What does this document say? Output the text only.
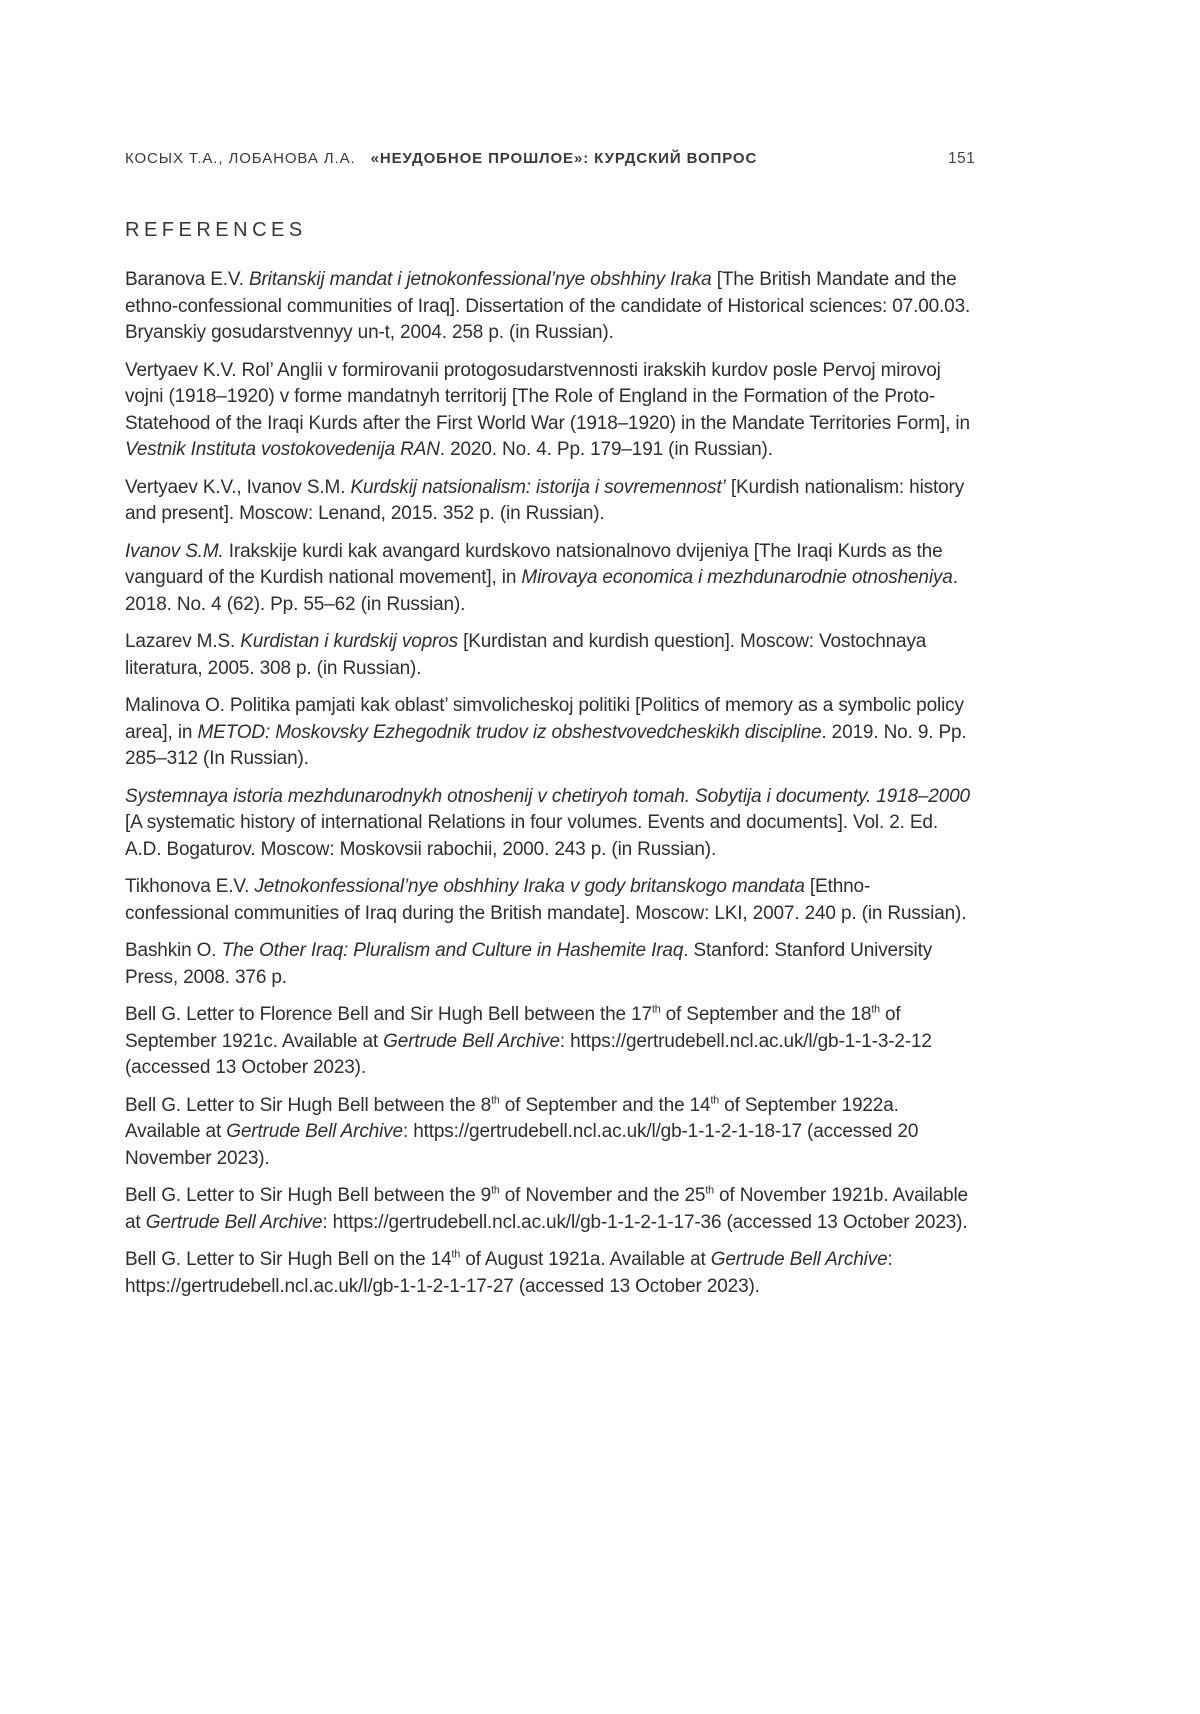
КОСЫХ Т.А., ЛОБАНОВА Л.А. «НЕУДОБНОЕ ПРОШЛОЕ»: КУРДСКИЙ ВОПРОС	151
REFERENCES

Baranova E.V. Britanskij mandat i jetnokonfessional’nye obshhiny Iraka [The British Mandate and the ethno-confessional communities of Iraq]. Dissertation of the candidate of Historical sciences: 07.00.03. Bryanskiy gosudarstvennyy un-t, 2004. 258 p. (in Russian).

Vertyaev K.V. Rol’ Anglii v formirovanii protogosudarstvennosti irakskih kurdov posle Pervoj mirovoj vojni (1918–1920) v forme mandatnyh territorij [The Role of England in the Formation of the Proto-Statehood of the Iraqi Kurds after the First World War (1918–1920) in the Mandate Territories Form], in Vestnik Instituta vostokovedenija RAN. 2020. No. 4. Pp. 179–191 (in Russian).

Vertyaev K.V., Ivanov S.M. Kurdskij natsionalism: istorija i sovremennost’ [Kurdish nationalism: history and present]. Moscow: Lenand, 2015. 352 p. (in Russian).

Ivanov S.M. Irakskije kurdi kak avangard kurdskovo natsionalnovo dvijeniya [The Iraqi Kurds as the vanguard of the Kurdish national movement], in Mirovaya economica i mezhdunarodnie otnosheniya. 2018. No. 4 (62). Pp. 55–62 (in Russian).

Lazarev M.S. Kurdistan i kurdskij vopros [Kurdistan and kurdish question]. Moscow: Vostochnaya literatura, 2005. 308 p. (in Russian).

Malinova O. Politika pamjati kak oblast’ simvolicheskoj politiki [Politics of memory as a symbolic policy area], in METOD: Moskovsky Ezhegodnik trudov iz obshestvovedcheskikh discipline. 2019. No. 9. Pp. 285–312 (In Russian).

Systemnaya istoria mezhdunarodnykh otnoshenij v chetiryoh tomah. Sobytija i documenty. 1918–2000 [A systematic history of international Relations in four volumes. Events and documents]. Vol. 2. Ed. A.D. Bogaturov. Moscow: Moskovsii rabochii, 2000. 243 p. (in Russian).

Tikhonova E.V. Jetnokonfessional’nye obshhiny Iraka v gody britanskogo mandata [Ethno-confessional communities of Iraq during the British mandate]. Moscow: LKI, 2007. 240 p. (in Russian).

Bashkin O. The Other Iraq: Pluralism and Culture in Hashemite Iraq. Stanford: Stanford University Press, 2008. 376 p.

Bell G. Letter to Florence Bell and Sir Hugh Bell between the 17th of September and the 18th of September 1921c. Available at Gertrude Bell Archive: https://gertrudebell.ncl.ac.uk/l/gb-1-1-3-2-12 (accessed 13 October 2023).

Bell G. Letter to Sir Hugh Bell between the 8th of September and the 14th of September 1922a. Available at Gertrude Bell Archive: https://gertrudebell.ncl.ac.uk/l/gb-1-1-2-1-18-17 (accessed 20 November 2023).

Bell G. Letter to Sir Hugh Bell between the 9th of November and the 25th of November 1921b. Available at Gertrude Bell Archive: https://gertrudebell.ncl.ac.uk/l/gb-1-1-2-1-17-36 (accessed 13 October 2023).

Bell G. Letter to Sir Hugh Bell on the 14th of August 1921a. Available at Gertrude Bell Archive: https://gertrudebell.ncl.ac.uk/l/gb-1-1-2-1-17-27 (accessed 13 October 2023).
